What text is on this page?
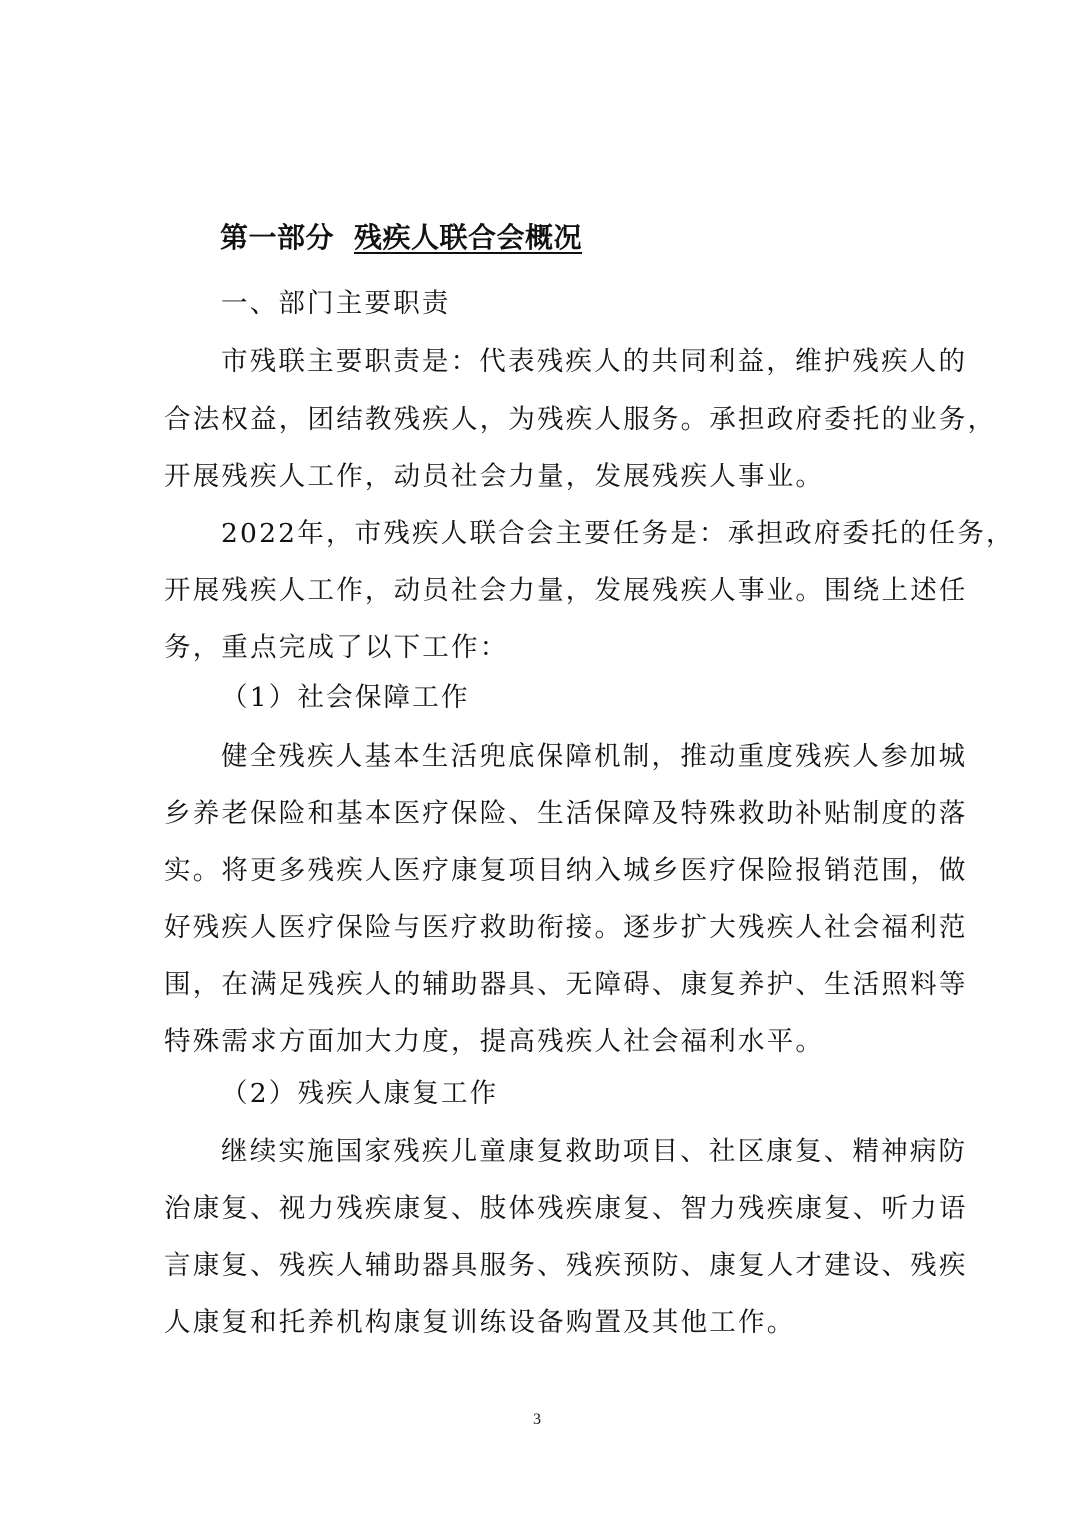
第一部分 残疾人联合会概况
一、部门主要职责
市残联主要职责是：代表残疾人的共同利益，维护残疾人的
合法权益，团结教残疾人，为残疾人服务。承担政府委托的业务，
开展残疾人工作，动员社会力量，发展残疾人事业。
2022年，市残疾人联合会主要任务是：承担政府委托的任务，
开展残疾人工作，动员社会力量，发展残疾人事业。围绕上述任
务，重点完成了以下工作：
（1）社会保障工作
健全残疾人基本生活兜底保障机制，推动重度残疾人参加城
乡养老保险和基本医疗保险、生活保障及特殊救助补贴制度的落
实。将更多残疾人医疗康复项目纳入城乡医疗保险报销范围，做
好残疾人医疗保险与医疗救助衔接。逐步扩大残疾人社会福利范
围，在满足残疾人的辅助器具、无障碍、康复养护、生活照料等
特殊需求方面加大力度，提高残疾人社会福利水平。
（2）残疾人康复工作
继续实施国家残疾儿童康复救助项目、社区康复、精神病防
治康复、视力残疾康复、肢体残疾康复、智力残疾康复、听力语
言康复、残疾人辅助器具服务、残疾预防、康复人才建设、残疾
人康复和托养机构康复训练设备购置及其他工作。
3
